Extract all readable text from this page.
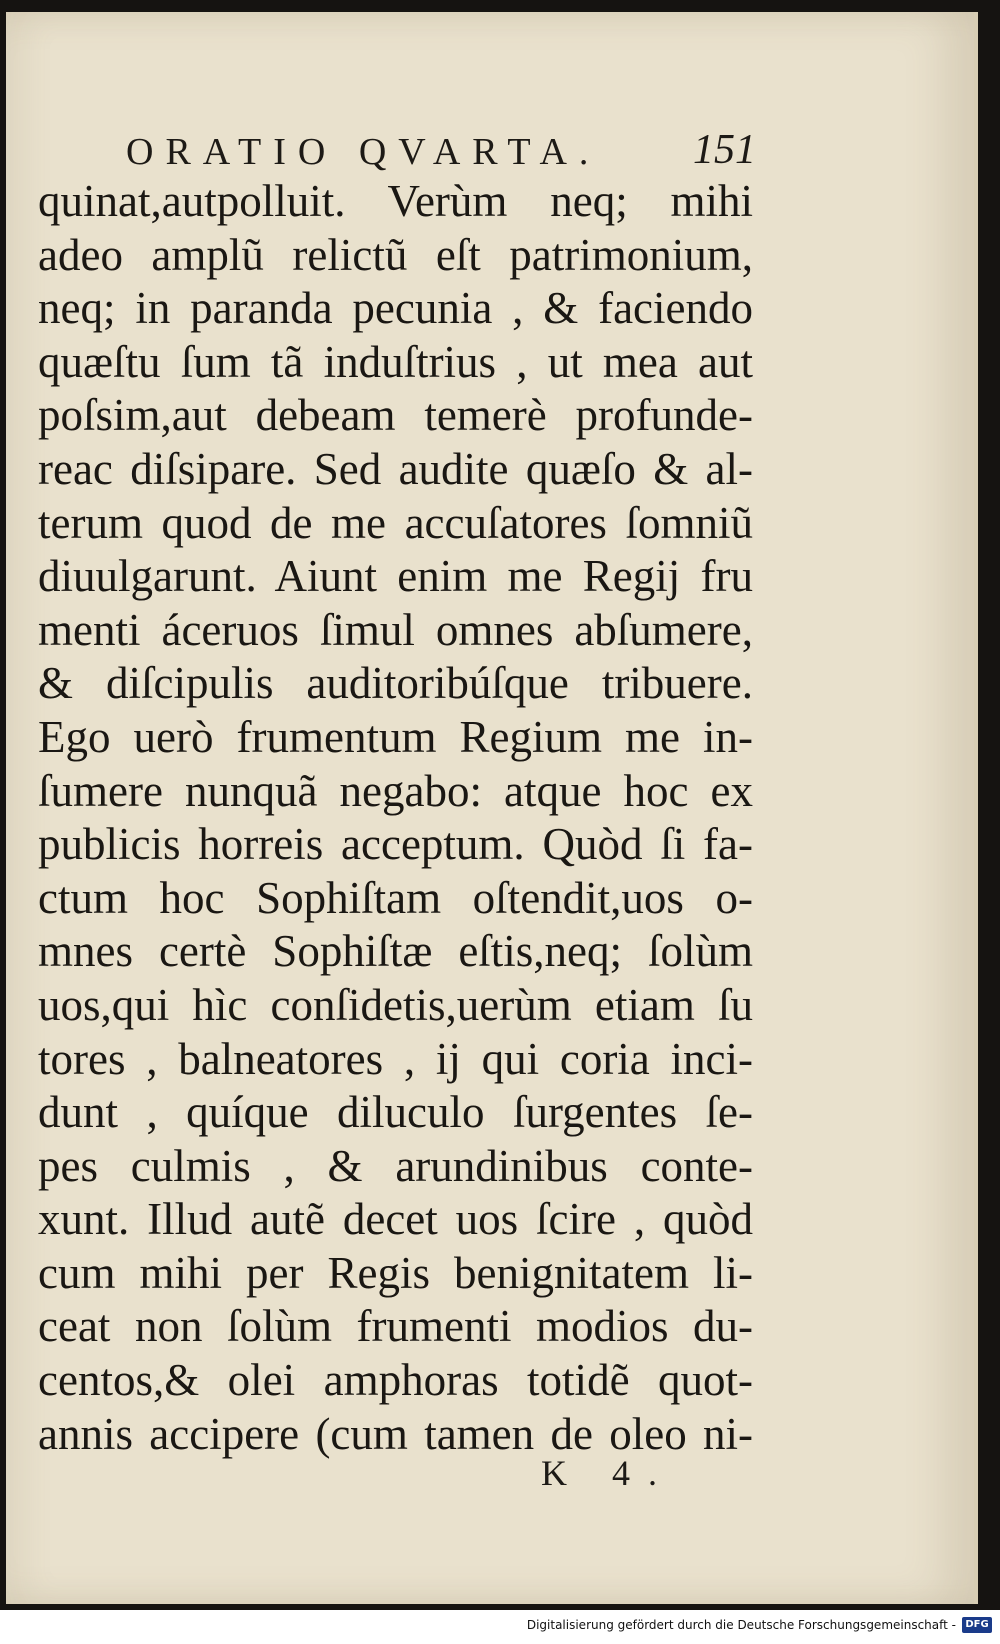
ORATIO QVARTA. 151
quinat,autpolluit. Verùm neq; mihi
adeo amplũ relictũ eſt patrimonium,
neq; in paranda pecunia , & faciendo
quæſtu ſum tã induſtrius , ut mea aut
poſsim,aut debeam temerè profunde-
reac diſsipare. Sed audite quæſo & al-
terum quod de me accuſatores ſomniũ
diuulgarunt. Aiunt enim me Regij fru
menti áceruos ſimul omnes abſumere,
& diſcipulis auditoribúſque tribuere.
Ego uerò frumentum Regium me in-
ſumere nunquã negabo: atque hoc ex
publicis horreis acceptum. Quòd ſi fa-
ctum hoc Sophiſtam oſtendit,uos o-
mnes certè Sophiſtæ eſtis,neq; ſolùm
uos,qui hìc conſidetis,uerùm etiam ſu
tores , balneatores , ij qui coria inci-
dunt , quíque diluculo ſurgentes ſe-
pes culmis , & arundinibus conte-
xunt. Illud autẽ decet uos ſcire , quòd
cum mihi per Regis benignitatem li-
ceat non ſolùm frumenti modios du-
centos,& olei amphoras totidẽ quot-
annis accipere (cum tamen de oleo ni-
K 4.
Digitalisierung gefördert durch die Deutsche Forschungsgemeinschaft - DFG
